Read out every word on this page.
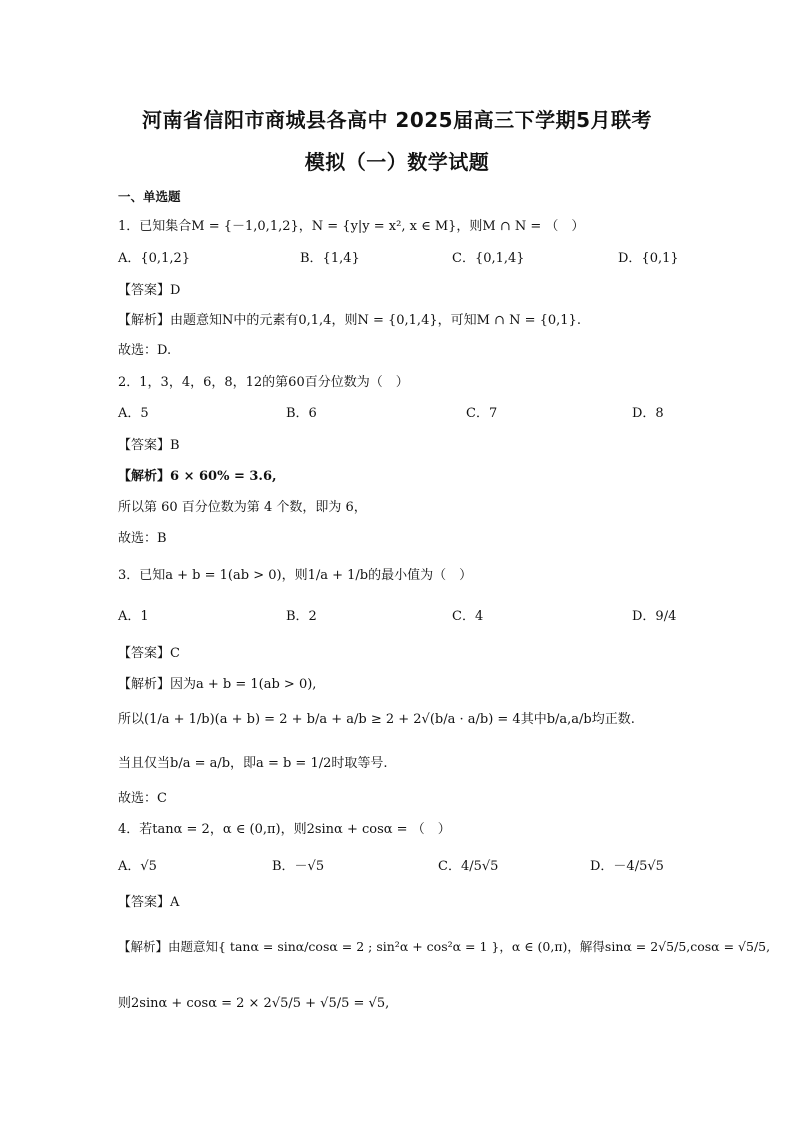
河南省信阳市商城县各高中 2025届高三下学期5月联考
模拟（一）数学试题
一、单选题
1．已知集合M = {－1,0,1,2}，N = {y|y = x², x ∈ M}，则M ∩ N = （　）
A．{0,1,2}	B．{1,4}	C．{0,1,4}	D．{0,1}
【答案】D
【解析】由题意知N中的元素有0,1,4，则N = {0,1,4}，可知M ∩ N = {0,1}.
故选：D.
2．1，3，4，6，8，12的第60百分位数为（　）
A．5	B．6	C．7	D．8
【答案】B
【解析】6 × 60% = 3.6,
所以第 60 百分位数为第 4 个数，即为 6，
故选：B
3．已知a + b = 1(ab > 0)，则1/a + 1/b的最小值为（　）
A．1	B．2	C．4	D．9/4
【答案】C
【解析】因为a + b = 1(ab > 0),
所以(1/a + 1/b)(a + b) = 2 + b/a + a/b ≥ 2 + 2√(b/a · a/b) = 4其中b/a,a/b均正数.
当且仅当b/a = a/b，即a = b = 1/2时取等号.
故选：C
4．若tanα = 2，α ∈ (0,π)，则2sinα + cosα = （　）
A．√5	B．－√5	C．4/5√5	D．－4/5√5
【答案】A
【解析】由题意知{ tanα = sinα/cosα = 2 ; sin²α + cos²α = 1 }，α ∈ (0,π)，解得sinα = 2√5/5,cosα = √5/5,
则2sinα + cosα = 2 × 2√5/5 + √5/5 = √5,
